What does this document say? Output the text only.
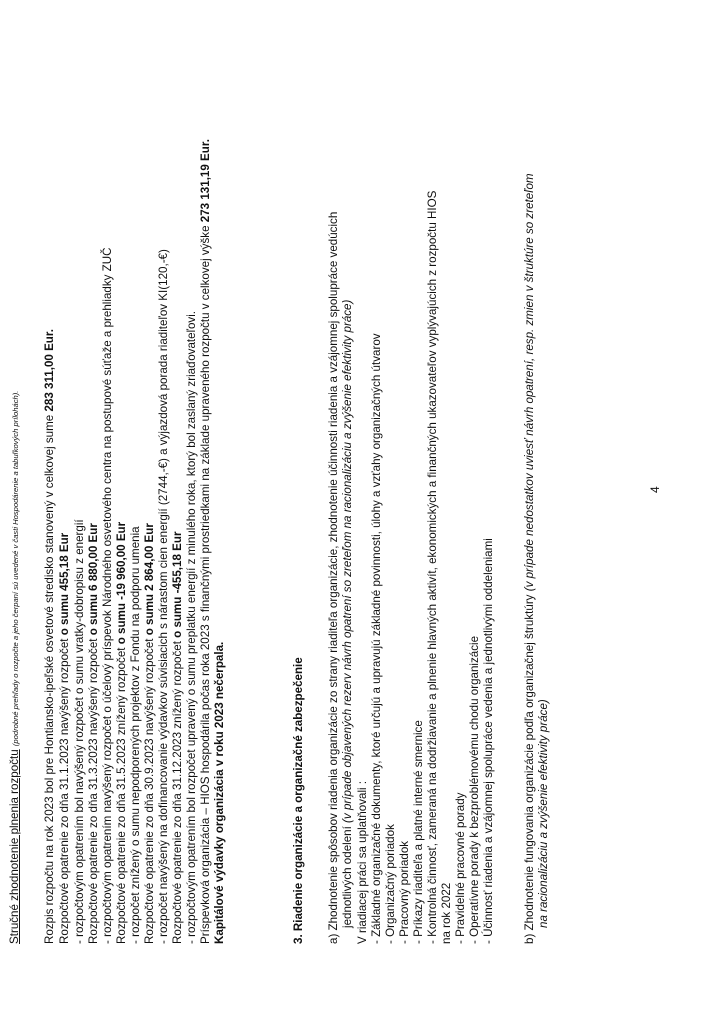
Stručné zhodnotenie plnenia rozpočtu (podrobné prehľady o rozpočte a jeho čerpaní sú uvedené v časti Hospodárenie a tabuľkových prílohách). Rozpis rozpočtu na rok 2023 bol pre Hontiansko-ipeľské osvetové stredisko stanovený v celkovej sume 283 311,00 Eur.
Rozpočtové opatrenie zo dňa 31.1.2023 navýšený rozpočet o sumu 455,18 Eur - rozpočtovým opatrením bol navýšený rozpočet o sumu vratky-dobropisu z energií Rozpočtové opatrenie zo dňa 31.3.2023 navýšený rozpočet o sumu 6 880,00 Eur - rozpočtovým opatrením navýšený rozpočet o účelový príspevok Národného osvetového centra na postupové súťaže a prehliadky ZUČ
Rozpočtové opatrenie zo dňa 31.5.2023 znížený rozpočet o sumu -19 960,00 Eur - rozpočet znížený o sumu nepodporených projektov z Fondu na podporu umenia Rozpočtové opatrenie zo dňa 30.9.2023 navýšený rozpočet o sumu 2 864,00 Eur - rozpočet navýšený na dofinancovanie výdavkov súvisiacich s nárastom cien energií (2744,-€) a výjazdová porada riaditeľov KI(120,-€) Rozpočtové opatrenie zo dňa 31.12.2023 znížený rozpočet o sumu -455,18 Eur - rozpočtovým opatrením bol rozpočet upravený o sumu preplatku energií z minulého roka, ktorý bol zaslaný zriaďovateľovi. Príspevková organizácia – HIOS hospodárila počas roka 2023 s finančnými prostriedkami na základe upraveného rozpočtu v celkovej výške 273 131,19 Eur.
Kapitálové výdavky organizácia v roku 2023 nečerpala.	3. Riadenie organizácie a organizačné zabezpečenie a) Zhodnotenie spôsobov riadenia organizácie zo strany riaditeľa organizácie, zhodnotenie účinnosti riadenia a vzájomnej spolupráce vedúcich jednotlivých odelení (v prípade objavených rezerv návrh opatrení so zreteľom na racionalizáciu a zvýšenie efektivity práce)
V riadiacej práci sa uplatňovali : - Základné organizačné dokumenty, ktoré určujú a upravujú základné povinnosti, úlohy a vzťahy organizačných útvarov - Organizačný poriadok - Pracovný poriadok - Príkazy riaditeľa a platné interné smernice - Kontrolná činnosť, zameraná na dodržiavanie a plnenie hlavných aktivít, ekonomických a finančných ukazovateľov vyplývajúcich z rozpočtu HIOS na rok 2022 - Pravidelné pracovné porady - Operatívne porady k bezproblémovému chodu organizácie - Účinnosť riadenia a vzájomnej spolupráce vedenia a jednotlivými oddeleniami b) Zhodnotenie fungovania organizácie podľa organizačnej štruktúry (v prípade nedostatkov uviesť návrh opatrení, resp. zmien v štruktúre so zreteľom
na racionalizáciu a zvýšenie efektivity práce)
4
